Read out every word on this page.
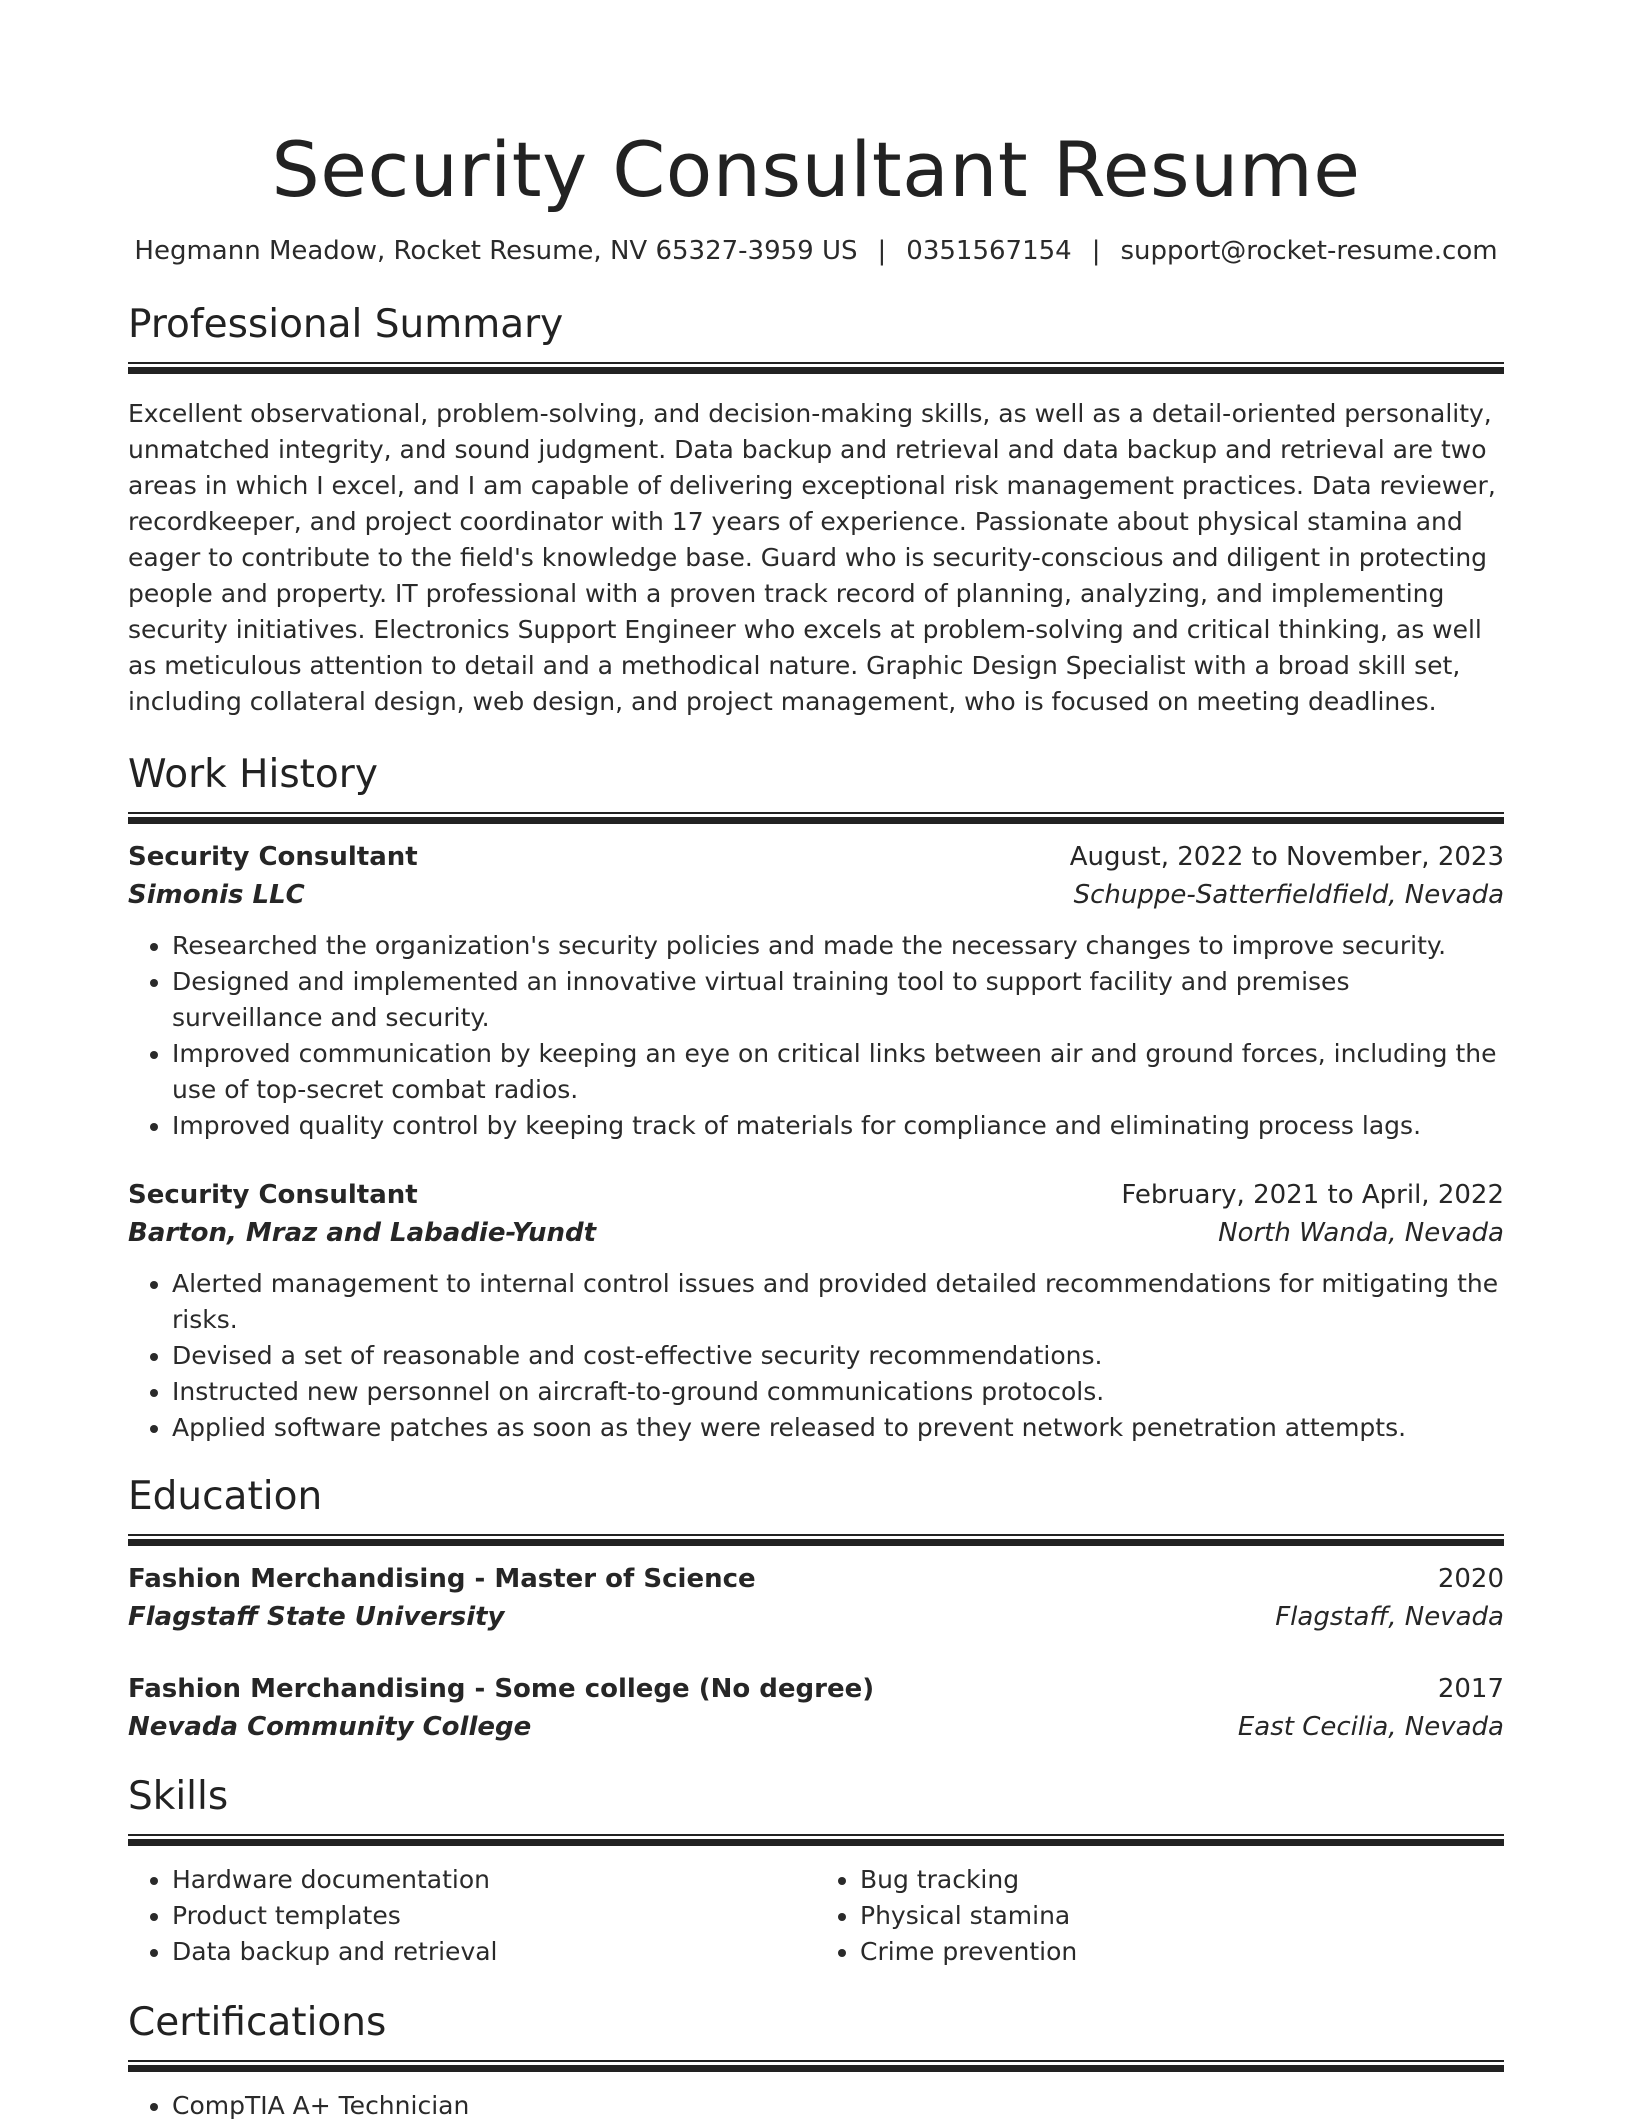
Security Consultant Resume
Hegmann Meadow, Rocket Resume, NV 65327-3959 US | 0351567154 | support@rocket-resume.com
Professional Summary

Excellent observational, problem-solving, and decision-making skills, as well as a detail-oriented personality, unmatched integrity, and sound judgment. Data backup and retrieval and data backup and retrieval are two areas in which I excel, and I am capable of delivering exceptional risk management practices. Data reviewer, recordkeeper, and project coordinator with 17 years of experience. Passionate about physical stamina and eager to contribute to the field's knowledge base. Guard who is security-conscious and diligent in protecting people and property. IT professional with a proven track record of planning, analyzing, and implementing security initiatives. Electronics Support Engineer who excels at problem-solving and critical thinking, as well as meticulous attention to detail and a methodical nature. Graphic Design Specialist with a broad skill set, including collateral design, web design, and project management, who is focused on meeting deadlines.

Work History
Security Consultant	August, 2022 to November, 2023
Simonis LLC	Schuppe-Satterfieldfield, Nevada
• Researched the organization's security policies and made the necessary changes to improve security.
• Designed and implemented an innovative virtual training tool to support facility and premises surveillance and security.
• Improved communication by keeping an eye on critical links between air and ground forces, including the use of top-secret combat radios.
• Improved quality control by keeping track of materials for compliance and eliminating process lags.
Security Consultant	February, 2021 to April, 2022
Barton, Mraz and Labadie-Yundt	North Wanda, Nevada
• Alerted management to internal control issues and provided detailed recommendations for mitigating the risks.
• Devised a set of reasonable and cost-effective security recommendations.
• Instructed new personnel on aircraft-to-ground communications protocols.
• Applied software patches as soon as they were released to prevent network penetration attempts.
Education
Fashion Merchandising - Master of Science	2020
Flagstaff State University	Flagstaff, Nevada
Fashion Merchandising - Some college (No degree)	2017
Nevada Community College	East Cecilia, Nevada
Skills
• Hardware documentation
• Product templates
• Data backup and retrieval
• Bug tracking
• Physical stamina
• Crime prevention
Certifications
• CompTIA A+ Technician
